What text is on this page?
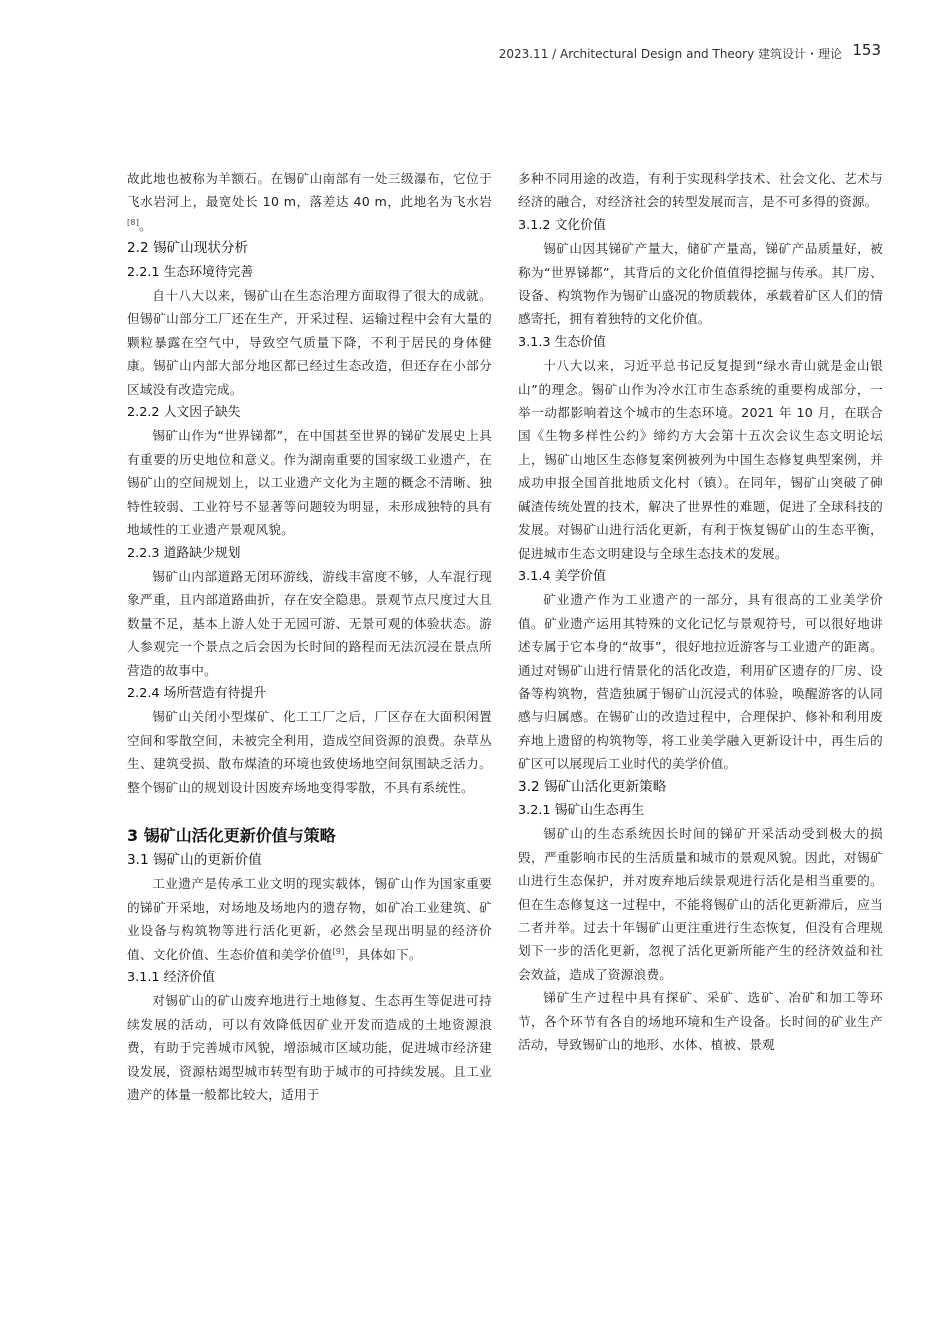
2023.11 / Architectural Design and Theory 建筑设计・理论 153

故此地也被称为羊额石。在锡矿山南部有一处三级瀑布，它位于飞水岩河上，最宽处长 10 m，落差达 40 m，此地名为飞水岩[8]。

2.2 锡矿山现状分析

2.2.1 生态环境待完善

自十八大以来，锡矿山在生态治理方面取得了很大的成就。但锡矿山部分工厂还在生产，开采过程、运输过程中会有大量的颗粒暴露在空气中，导致空气质量下降，不利于居民的身体健康。锡矿山内部大部分地区都已经过生态改造，但还存在小部分区域没有改造完成。

2.2.2 人文因子缺失

锡矿山作为“世界锑都”，在中国甚至世界的锑矿发展史上具有重要的历史地位和意义。作为湖南重要的国家级工业遗产，在锡矿山的空间规划上，以工业遗产文化为主题的概念不清晰、独特性较弱、工业符号不显著等问题较为明显，未形成独特的具有地域性的工业遗产景观风貌。

2.2.3 道路缺少规划

锡矿山内部道路无闭环游线，游线丰富度不够，人车混行现象严重，且内部道路曲折，存在安全隐患。景观节点尺度过大且数量不足，基本上游人处于无园可游、无景可观的体验状态。游人参观完一个景点之后会因为长时间的路程而无法沉浸在景点所营造的故事中。

2.2.4 场所营造有待提升

锡矿山关闭小型煤矿、化工工厂之后，厂区存在大面积闲置空间和零散空间，未被完全利用，造成空间资源的浪费。杂草丛生、建筑受损、散布煤渣的环境也致使场地空间氛围缺乏活力。整个锡矿山的规划设计因废弃场地变得零散，不具有系统性。

3 锡矿山活化更新价值与策略

3.1 锡矿山的更新价值

工业遗产是传承工业文明的现实载体，锡矿山作为国家重要的锑矿开采地，对场地及场地内的遗存物，如矿冶工业建筑、矿业设备与构筑物等进行活化更新，必然会呈现出明显的经济价值、文化价值、生态价值和美学价值[9]，具体如下。

3.1.1 经济价值

对锡矿山的矿山废弃地进行土地修复、生态再生等促进可持续发展的活动，可以有效降低因矿业开发而造成的土地资源浪费，有助于完善城市风貌，增添城市区域功能，促进城市经济建设发展，资源枯竭型城市转型有助于城市的可持续发展。且工业遗产的体量一般都比较大，适用于

多种不同用途的改造，有利于实现科学技术、社会文化、艺术与经济的融合，对经济社会的转型发展而言，是不可多得的资源。

3.1.2 文化价值

锡矿山因其锑矿产量大，储矿产量高，锑矿产品质量好，被称为“世界锑都”，其背后的文化价值值得挖掘与传承。其厂房、设备、构筑物作为锡矿山盛况的物质载体，承载着矿区人们的情感寄托，拥有着独特的文化价值。

3.1.3 生态价值

十八大以来，习近平总书记反复提到“绿水青山就是金山银山”的理念。锡矿山作为冷水江市生态系统的重要构成部分，一举一动都影响着这个城市的生态环境。2021 年 10 月，在联合国《生物多样性公约》缔约方大会第十五次会议生态文明论坛上，锡矿山地区生态修复案例被列为中国生态修复典型案例，并成功申报全国首批地质文化村（镇）。在同年，锡矿山突破了砷碱渣传统处置的技术，解决了世界性的难题，促进了全球科技的发展。对锡矿山进行活化更新，有利于恢复锡矿山的生态平衡，促进城市生态文明建设与全球生态技术的发展。

3.1.4 美学价值

矿业遗产作为工业遗产的一部分，具有很高的工业美学价值。矿业遗产运用其特殊的文化记忆与景观符号，可以很好地讲述专属于它本身的“故事”，很好地拉近游客与工业遗产的距离。通过对锡矿山进行情景化的活化改造，利用矿区遗存的厂房、设备等构筑物，营造独属于锡矿山沉浸式的体验，唤醒游客的认同感与归属感。在锡矿山的改造过程中，合理保护、修补和利用废弃地上遗留的构筑物等，将工业美学融入更新设计中，再生后的矿区可以展现后工业时代的美学价值。

3.2 锡矿山活化更新策略

3.2.1 锡矿山生态再生

锡矿山的生态系统因长时间的锑矿开采活动受到极大的损毁，严重影响市民的生活质量和城市的景观风貌。因此，对锡矿山进行生态保护，并对废弃地后续景观进行活化是相当重要的。但在生态修复这一过程中，不能将锡矿山的活化更新滞后，应当二者并举。过去十年锡矿山更注重进行生态恢复，但没有合理规划下一步的活化更新，忽视了活化更新所能产生的经济效益和社会效益，造成了资源浪费。

锑矿生产过程中具有探矿、采矿、选矿、冶矿和加工等环节，各个环节有各自的场地环境和生产设备。长时间的矿业生产活动，导致锡矿山的地形、水体、植被、景观
